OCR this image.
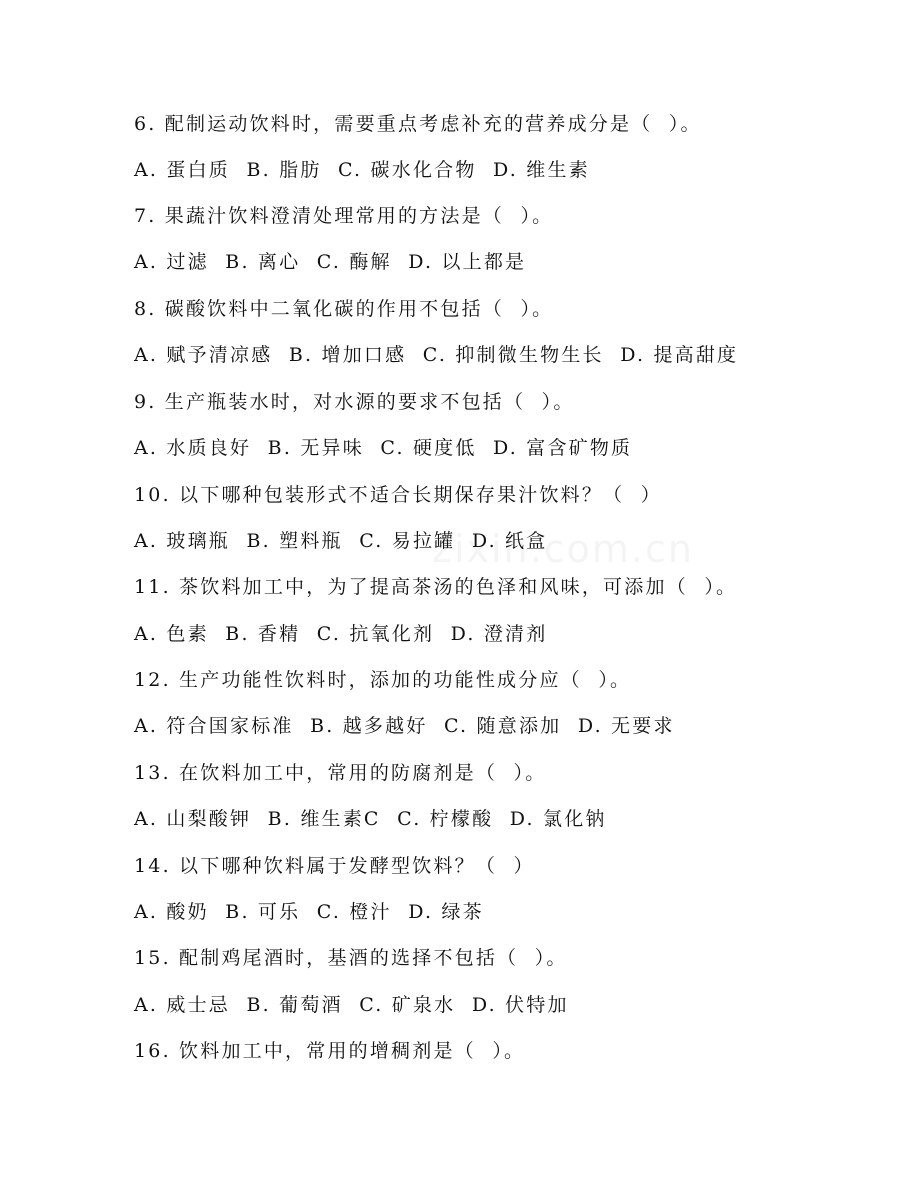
6. 配制运动饮料时，需要重点考虑补充的营养成分是（  ）。
A. 蛋白质  B. 脂肪  C. 碳水化合物  D. 维生素
7. 果蔬汁饮料澄清处理常用的方法是（  ）。
A. 过滤  B. 离心  C. 酶解  D. 以上都是
8. 碳酸饮料中二氧化碳的作用不包括（  ）。
A. 赋予清凉感  B. 增加口感  C. 抑制微生物生长  D. 提高甜度
9. 生产瓶装水时，对水源的要求不包括（  ）。
A. 水质良好  B. 无异味  C. 硬度低  D. 富含矿物质
10. 以下哪种包装形式不适合长期保存果汁饮料？（  ）
A. 玻璃瓶  B. 塑料瓶  C. 易拉罐  D. 纸盒
11. 茶饮料加工中，为了提高茶汤的色泽和风味，可添加（  ）。
A. 色素  B. 香精  C. 抗氧化剂  D. 澄清剂
12. 生产功能性饮料时，添加的功能性成分应（  ）。
A. 符合国家标准  B. 越多越好  C. 随意添加  D. 无要求
13. 在饮料加工中，常用的防腐剂是（  ）。
A. 山梨酸钾  B. 维生素C  C. 柠檬酸  D. 氯化钠
14. 以下哪种饮料属于发酵型饮料？（  ）
A. 酸奶  B. 可乐  C. 橙汁  D. 绿茶
15. 配制鸡尾酒时，基酒的选择不包括（  ）。
A. 威士忌  B. 葡萄酒  C. 矿泉水  D. 伏特加
16. 饮料加工中，常用的增稠剂是（  ）。
